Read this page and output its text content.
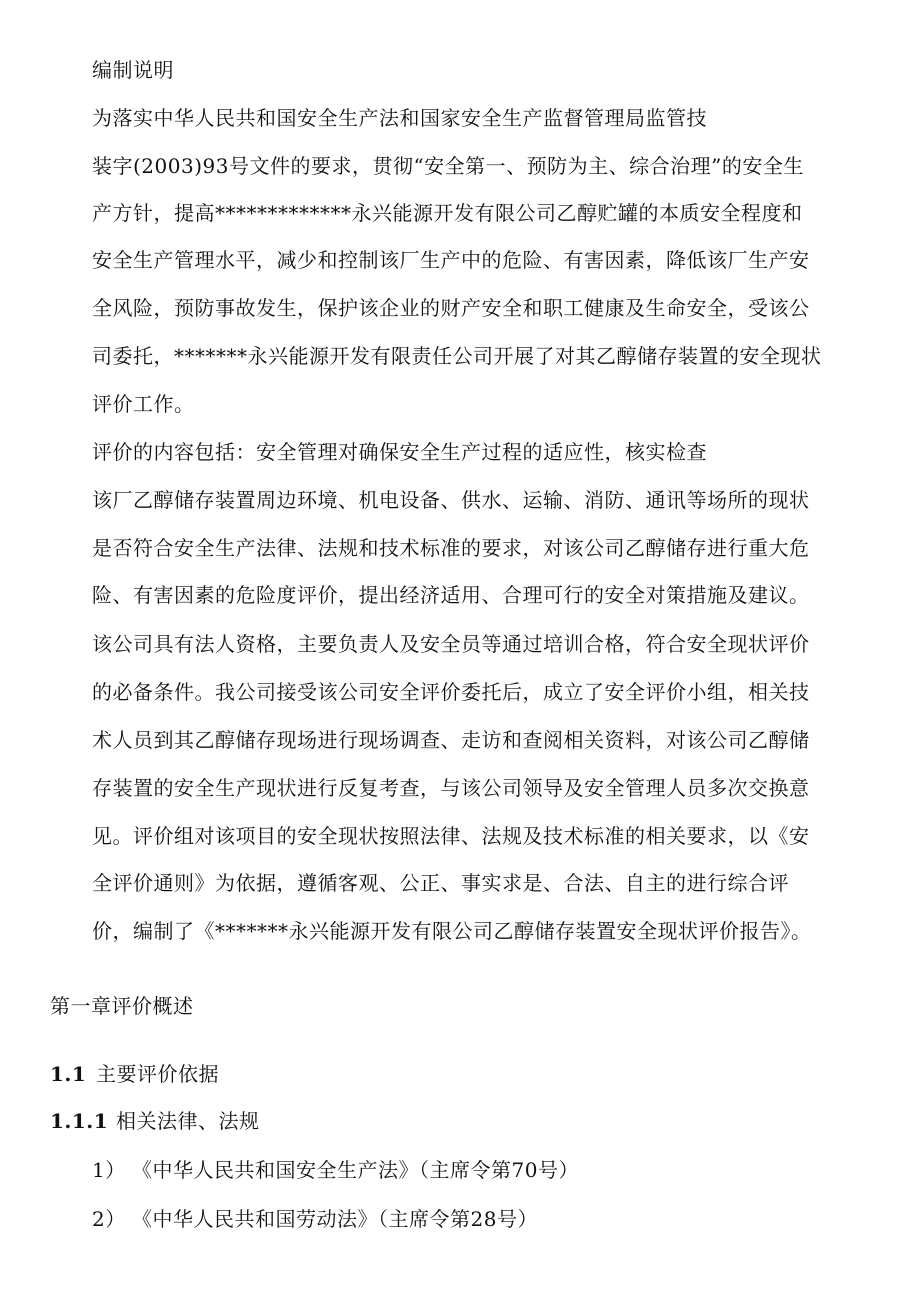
编制说明
为落实中华人民共和国安全生产法和国家安全生产监督管理局监管技
装字(2003)93号文件的要求，贯彻“安全第一、预防为主、综合治理”的安全生
产方针，提高*************永兴能源开发有限公司乙醇贮罐的本质安全程度和
安全生产管理水平，减少和控制该厂生产中的危险、有害因素，降低该厂生产安
全风险，预防事故发生，保护该企业的财产安全和职工健康及生命安全，受该公
司委托，*******永兴能源开发有限责任公司开展了对其乙醇储存装置的安全现状
评价工作。
评价的内容包括：安全管理对确保安全生产过程的适应性，核实检查
该厂乙醇储存装置周边环境、机电设备、供水、运输、消防、通讯等场所的现状
是否符合安全生产法律、法规和技术标准的要求，对该公司乙醇储存进行重大危
险、有害因素的危险度评价，提出经济适用、合理可行的安全对策措施及建议。
该公司具有法人资格，主要负责人及安全员等通过培训合格，符合安全现状评价
的必备条件。我公司接受该公司安全评价委托后，成立了安全评价小组，相关技
术人员到其乙醇储存现场进行现场调查、走访和查阅相关资料，对该公司乙醇储
存装置的安全生产现状进行反复考查，与该公司领导及安全管理人员多次交换意
见。评价组对该项目的安全现状按照法律、法规及技术标准的相关要求，以《安
全评价通则》为依据，遵循客观、公正、事实求是、合法、自主的进行综合评
价，编制了《*******永兴能源开发有限公司乙醇储存装置安全现状评价报告》。
第一章评价概述
1.1 主要评价依据
1.1.1 相关法律、法规
1） 《中华人民共和国安全生产法》（主席令第70号）
2） 《中华人民共和国劳动法》（主席令第28号）
